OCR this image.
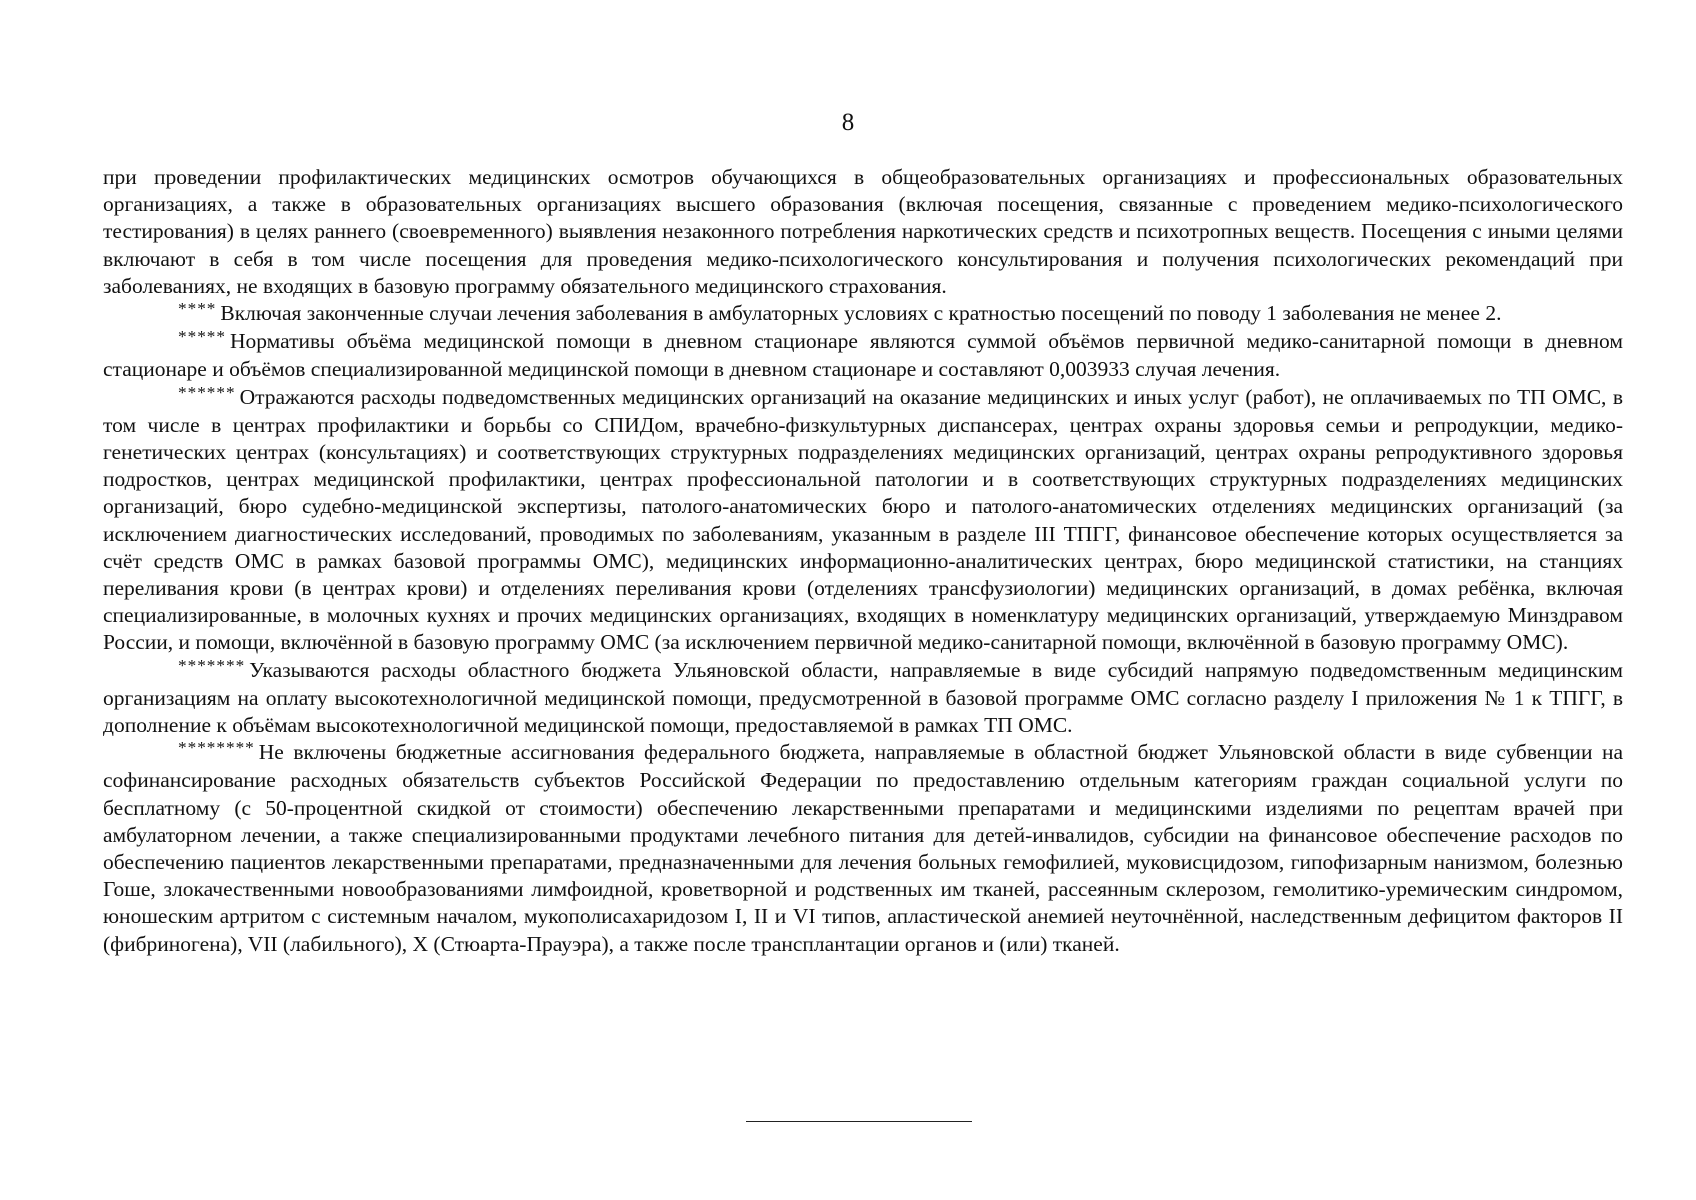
8

при проведении профилактических медицинских осмотров обучающихся в общеобразовательных организациях и профессиональных образовательных организациях, а также в образовательных организациях высшего образования (включая посещения, связанные с проведением медико-психологического тестирования) в целях раннего (своевременного) выявления незаконного потребления наркотических средств и психотропных веществ. Посещения с иными целями включают в себя в том числе посещения для проведения медико-психологического консультирования и получения психологических рекомендаций при заболеваниях, не входящих в базовую программу обязательного медицинского страхования.

**** Включая законченные случаи лечения заболевания в амбулаторных условиях с кратностью посещений по поводу 1 заболевания не менее 2.

***** Нормативы объёма медицинской помощи в дневном стационаре являются суммой объёмов первичной медико-санитарной помощи в дневном стационаре и объёмов специализированной медицинской помощи в дневном стационаре и составляют 0,003933 случая лечения.

****** Отражаются расходы подведомственных медицинских организаций на оказание медицинских и иных услуг (работ), не оплачиваемых по ТП ОМС, в том числе в центрах профилактики и борьбы со СПИДом, врачебно-физкультурных диспансерах, центрах охраны здоровья семьи и репродукции, медико-генетических центрах (консультациях) и соответствующих структурных подразделениях медицинских организаций, центрах охраны репродуктивного здоровья подростков, центрах медицинской профилактики, центрах профессиональной патологии и в соответствующих структурных подразделениях медицинских организаций, бюро судебно-медицинской экспертизы, патолого-анатомических бюро и патолого-анатомических отделениях медицинских организаций (за исключением диагностических исследований, проводимых по заболеваниям, указанным в разделе III ТПГГ, финансовое обеспечение которых осуществляется за счёт средств ОМС в рамках базовой программы ОМС), медицинских информационно-аналитических центрах, бюро медицинской статистики, на станциях переливания крови (в центрах крови) и отделениях переливания крови (отделениях трансфузиологии) медицинских организаций, в домах ребёнка, включая специализированные, в молочных кухнях и прочих медицинских организациях, входящих в номенклатуру медицинских организаций, утверждаемую Минздравом России, и помощи, включённой в базовую программу ОМС (за исключением первичной медико-санитарной помощи, включённой в базовую программу ОМС).

******* Указываются расходы областного бюджета Ульяновской области, направляемые в виде субсидий напрямую подведомственным медицинским организациям на оплату высокотехнологичной медицинской помощи, предусмотренной в базовой программе ОМС согласно разделу I приложения № 1 к ТПГГ, в дополнение к объёмам высокотехнологичной медицинской помощи, предоставляемой в рамках ТП ОМС.

******** Не включены бюджетные ассигнования федерального бюджета, направляемые в областной бюджет Ульяновской области в виде субвенции на софинансирование расходных обязательств субъектов Российской Федерации по предоставлению отдельным категориям граждан социальной услуги по бесплатному (с 50-процентной скидкой от стоимости) обеспечению лекарственными препаратами и медицинскими изделиями по рецептам врачей при амбулаторном лечении, а также специализированными продуктами лечебного питания для детей-инвалидов, субсидии на финансовое обеспечение расходов по обеспечению пациентов лекарственными препаратами, предназначенными для лечения больных гемофилией, муковисцидозом, гипофизарным нанизмом, болезнью Гоше, злокачественными новообразованиями лимфоидной, кроветворной и родственных им тканей, рассеянным склерозом, гемолитико-уремическим синдромом, юношеским артритом с системным началом, мукополисахаридозом I, II и VI типов, апластической анемией неуточнённой, наследственным дефицитом факторов II (фибриногена), VII (лабильного), X (Стюарта-Прауэра), а также после трансплантации органов и (или) тканей.
